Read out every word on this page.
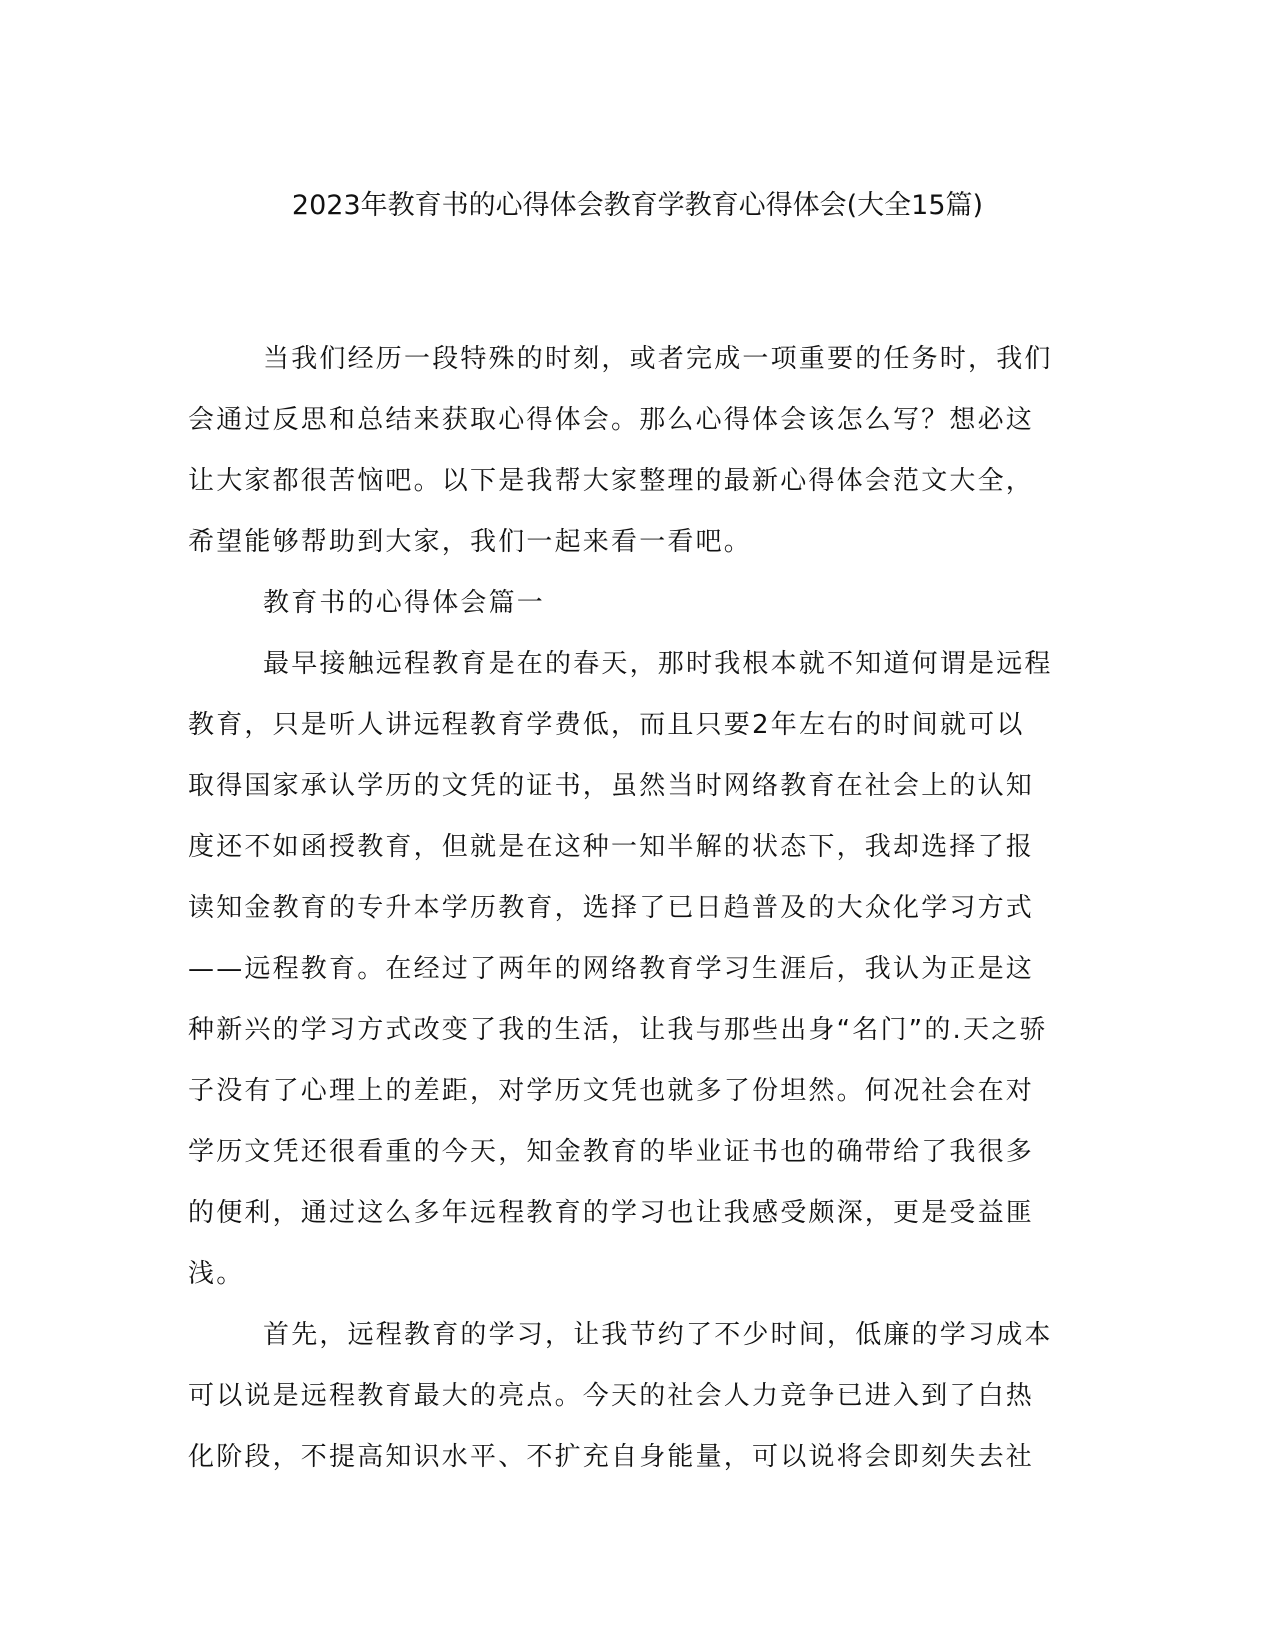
2023年教育书的心得体会教育学教育心得体会(大全15篇)

当我们经历一段特殊的时刻，或者完成一项重要的任务时，我们
会通过反思和总结来获取心得体会。那么心得体会该怎么写？想必这
让大家都很苦恼吧。以下是我帮大家整理的最新心得体会范文大全，
希望能够帮助到大家，我们一起来看一看吧。

教育书的心得体会篇一

最早接触远程教育是在的春天，那时我根本就不知道何谓是远程
教育，只是听人讲远程教育学费低，而且只要2年左右的时间就可以
取得国家承认学历的文凭的证书，虽然当时网络教育在社会上的认知
度还不如函授教育，但就是在这种一知半解的状态下，我却选择了报
读知金教育的专升本学历教育，选择了已日趋普及的大众化学习方式
——远程教育。在经过了两年的网络教育学习生涯后，我认为正是这
种新兴的学习方式改变了我的生活，让我与那些出身“名门”的.天之骄
子没有了心理上的差距，对学历文凭也就多了份坦然。何况社会在对
学历文凭还很看重的今天，知金教育的毕业证书也的确带给了我很多
的便利，通过这么多年远程教育的学习也让我感受颇深，更是受益匪
浅。

首先，远程教育的学习，让我节约了不少时间，低廉的学习成本
可以说是远程教育最大的亮点。今天的社会人力竞争已进入到了白热
化阶段，不提高知识水平、不扩充自身能量，可以说将会即刻失去社
